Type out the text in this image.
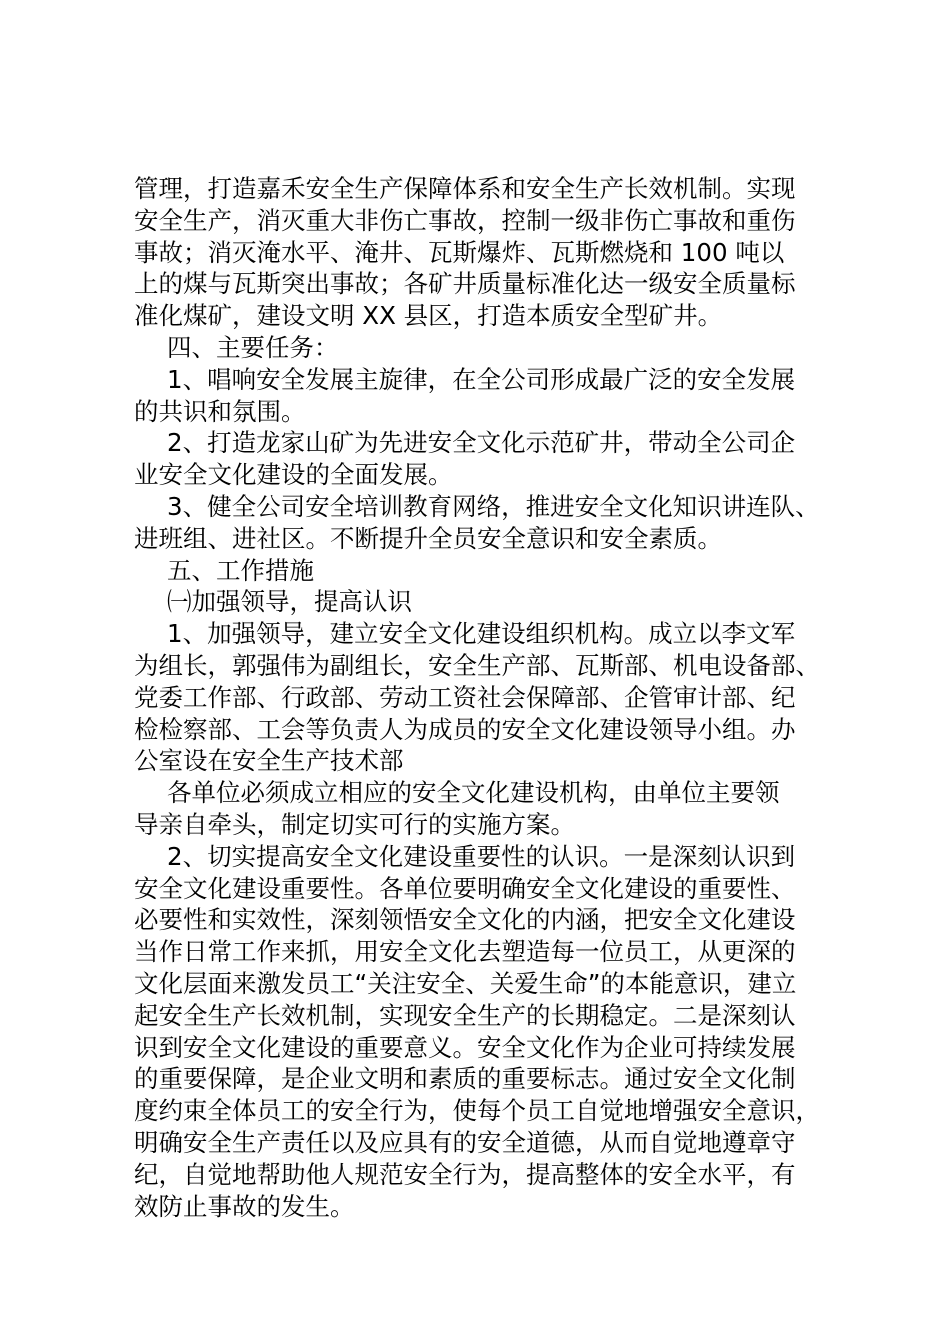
管理，打造嘉禾安全生产保障体系和安全生产长效机制。实现
安全生产，消灭重大非伤亡事故，控制一级非伤亡事故和重伤
事故；消灭淹水平、淹井、瓦斯爆炸、瓦斯燃烧和 100 吨以
上的煤与瓦斯突出事故；各矿井质量标准化达一级安全质量标
准化煤矿，建设文明 XX 县区，打造本质安全型矿井。
四、主要任务：
1、唱响安全发展主旋律，在全公司形成最广泛的安全发展
的共识和氛围。
2、打造龙家山矿为先进安全文化示范矿井，带动全公司企
业安全文化建设的全面发展。
3、健全公司安全培训教育网络，推进安全文化知识讲连队、
进班组、进社区。不断提升全员安全意识和安全素质。
五、工作措施
㈠加强领导，提高认识
1、加强领导，建立安全文化建设组织机构。成立以李文军
为组长，郭强伟为副组长，安全生产部、瓦斯部、机电设备部、
党委工作部、行政部、劳动工资社会保障部、企管审计部、纪
检检察部、工会等负责人为成员的安全文化建设领导小组。办
公室设在安全生产技术部
各单位必须成立相应的安全文化建设机构，由单位主要领
导亲自牵头，制定切实可行的实施方案。
2、切实提高安全文化建设重要性的认识。一是深刻认识到
安全文化建设重要性。各单位要明确安全文化建设的重要性、
必要性和实效性，深刻领悟安全文化的内涵，把安全文化建设
当作日常工作来抓，用安全文化去塑造每一位员工，从更深的
文化层面来激发员工“关注安全、关爱生命”的本能意识，建立
起安全生产长效机制，实现安全生产的长期稳定。二是深刻认
识到安全文化建设的重要意义。安全文化作为企业可持续发展
的重要保障，是企业文明和素质的重要标志。通过安全文化制
度约束全体员工的安全行为，使每个员工自觉地增强安全意识，
明确安全生产责任以及应具有的安全道德，从而自觉地遵章守
纪，自觉地帮助他人规范安全行为，提高整体的安全水平，有
效防止事故的发生。
